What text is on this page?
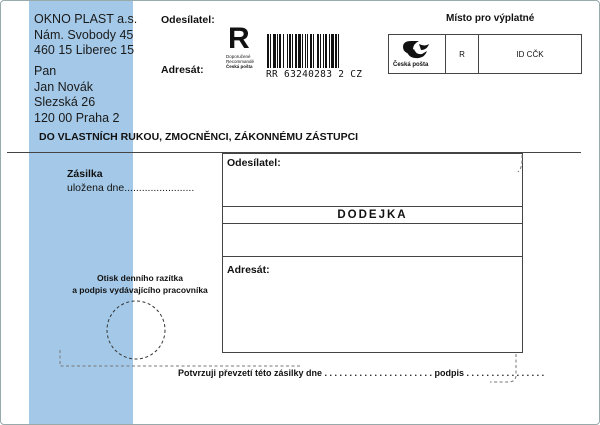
OKNO PLAST a.s.
Nám. Svobody 45
460 15 Liberec 15
Pan
Jan Novák
Slezská 26
120 00 Praha 2
Odesílatel:
Adresát:
R
Doporučené
Recommandé
Česká pošta
RR 63240283 2 CZ
Místo pro výplatné
Česká pošta
R	ID CČK
DO VLASTNÍCH RUKOU, ZMOCNĚNCI, ZÁKONNÉMU ZÁSTUPCI
Zásilka
uložena dne........................
Otisk denního razítka
a podpis vydávajícího pracovníka
Odesílatel:
DODEJKA
Adresát:
Potvrzuji převzetí této zásilky dne . . . . . . . . . . . . . . . . . . . . . . podpis . . . . . . . . . . . . . . . .
